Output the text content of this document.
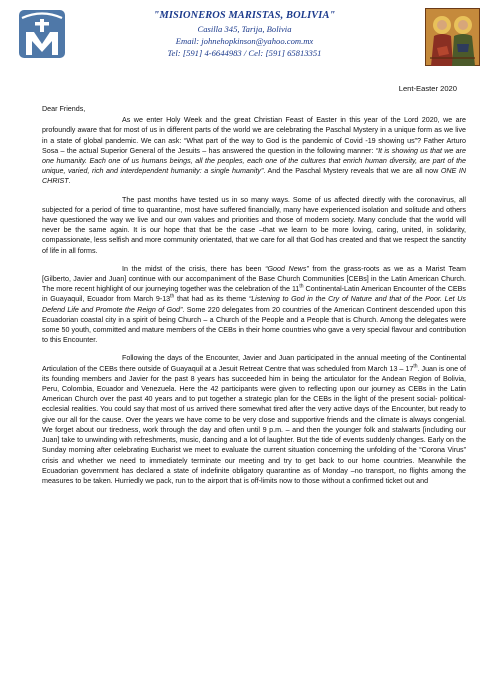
"MISIONEROS MARISTAS, BOLIVIA"
Casilla 345, Tarija, Bolivia
Email: johnehopkinson@yahoo.com.mx
Tel: [591] 4-6644983 / Cel: [591] 65813351
Lent-Easter 2020

Dear Friends,

As we enter Holy Week and the great Christian Feast of Easter in this year of the Lord 2020, we are profoundly aware that for most of us in different parts of the world we are celebrating the Paschal Mystery in a unique form as we live in a state of global pandemic. We can ask: “What part of the way to God is the pandemic of Covid -19 showing us”? Father Arturo Sosa – the actual Superior General of the Jesuits – has answered the question in the following manner: “It is showing us that we are one humanity. Each one of us humans beings, all the peoples, each one of the cultures that enrich human diversity, are part of the unique, varied, rich and interdependent humanity: a single humanity”. And the Paschal Mystery reveals that we are all now ONE IN CHRIST.

The past months have tested us in so many ways. Some of us affected directly with the coronavirus, all subjected for a period of time to quarantine, most have suffered financially, many have experienced isolation and solitude and others have questioned the way we live and our own values and priorities and those of modern society. Many conclude that the world will never be the same again. It is our hope that that be the case –that we learn to be more loving, caring, united, in solidarity, compassionate, less selfish and more community orientated, that we care for all that God has created and that we respect the sanctity of life in all forms.

In the midst of the crisis, there has been “Good News” from the grass-roots as we as a Marist Team [Gilberto, Javier and Juan] continue with our accompaniment of the Base Church Communities [CEBs] in the Latin American Church. The more recent highlight of our journeying together was the celebration of the 11th Continental-Latin American Encounter of the CEBs in Guayaquil, Ecuador from March 9-13th that had as its theme “Listening to God in the Cry of Nature and that of the Poor. Let Us Defend Life and Promote the Reign of God”. Some 220 delegates from 20 countries of the American Continent descended upon this Ecuadorian coastal city in a spirit of being Church – a Church of the People and a People that is Church. Among the delegates were some 50 youth, committed and mature members of the CEBs in their home countries who gave a very special flavour and contribution to this Encounter.

Following the days of the Encounter, Javier and Juan participated in the annual meeting of the Continental Articulation of the CEBs there outside of Guayaquil at a Jesuit Retreat Centre that was scheduled from March 13 – 17th. Juan is one of its founding members and Javier for the past 8 years has succeeded him in being the articulator for the Andean Region of Bolivia, Peru, Colombia, Ecuador and Venezuela. Here the 42 participants were given to reflecting upon our journey as CEBs in the Latin American Church over the past 40 years and to put together a strategic plan for the CEBs in the light of the present social- political- ecclesial realities. You could say that most of us arrived there somewhat tired after the very active days of the Encounter, but ready to give our all for the cause. Over the years we have come to be very close and supportive friends and the climate is always congenial. We forget about our tiredness, work through the day and often until 9 p.m. – and then the younger folk and stalwarts [including our Juan] take to unwinding with refreshments, music, dancing and a lot of laughter. But the tide of events suddenly changes. Early on the Sunday morning after celebrating Eucharist we meet to evaluate the current situation concerning the unfolding of the “Corona Virus” crisis and whether we need to immediately terminate our meeting and try to get back to our home countries. Meanwhile the Ecuadorian government has declared a state of indefinite obligatory quarantine as of Monday –no transport, no flights among the measures to be taken. Hurriedly we pack, run to the airport that is off-limits now to those without a confirmed ticket out and
